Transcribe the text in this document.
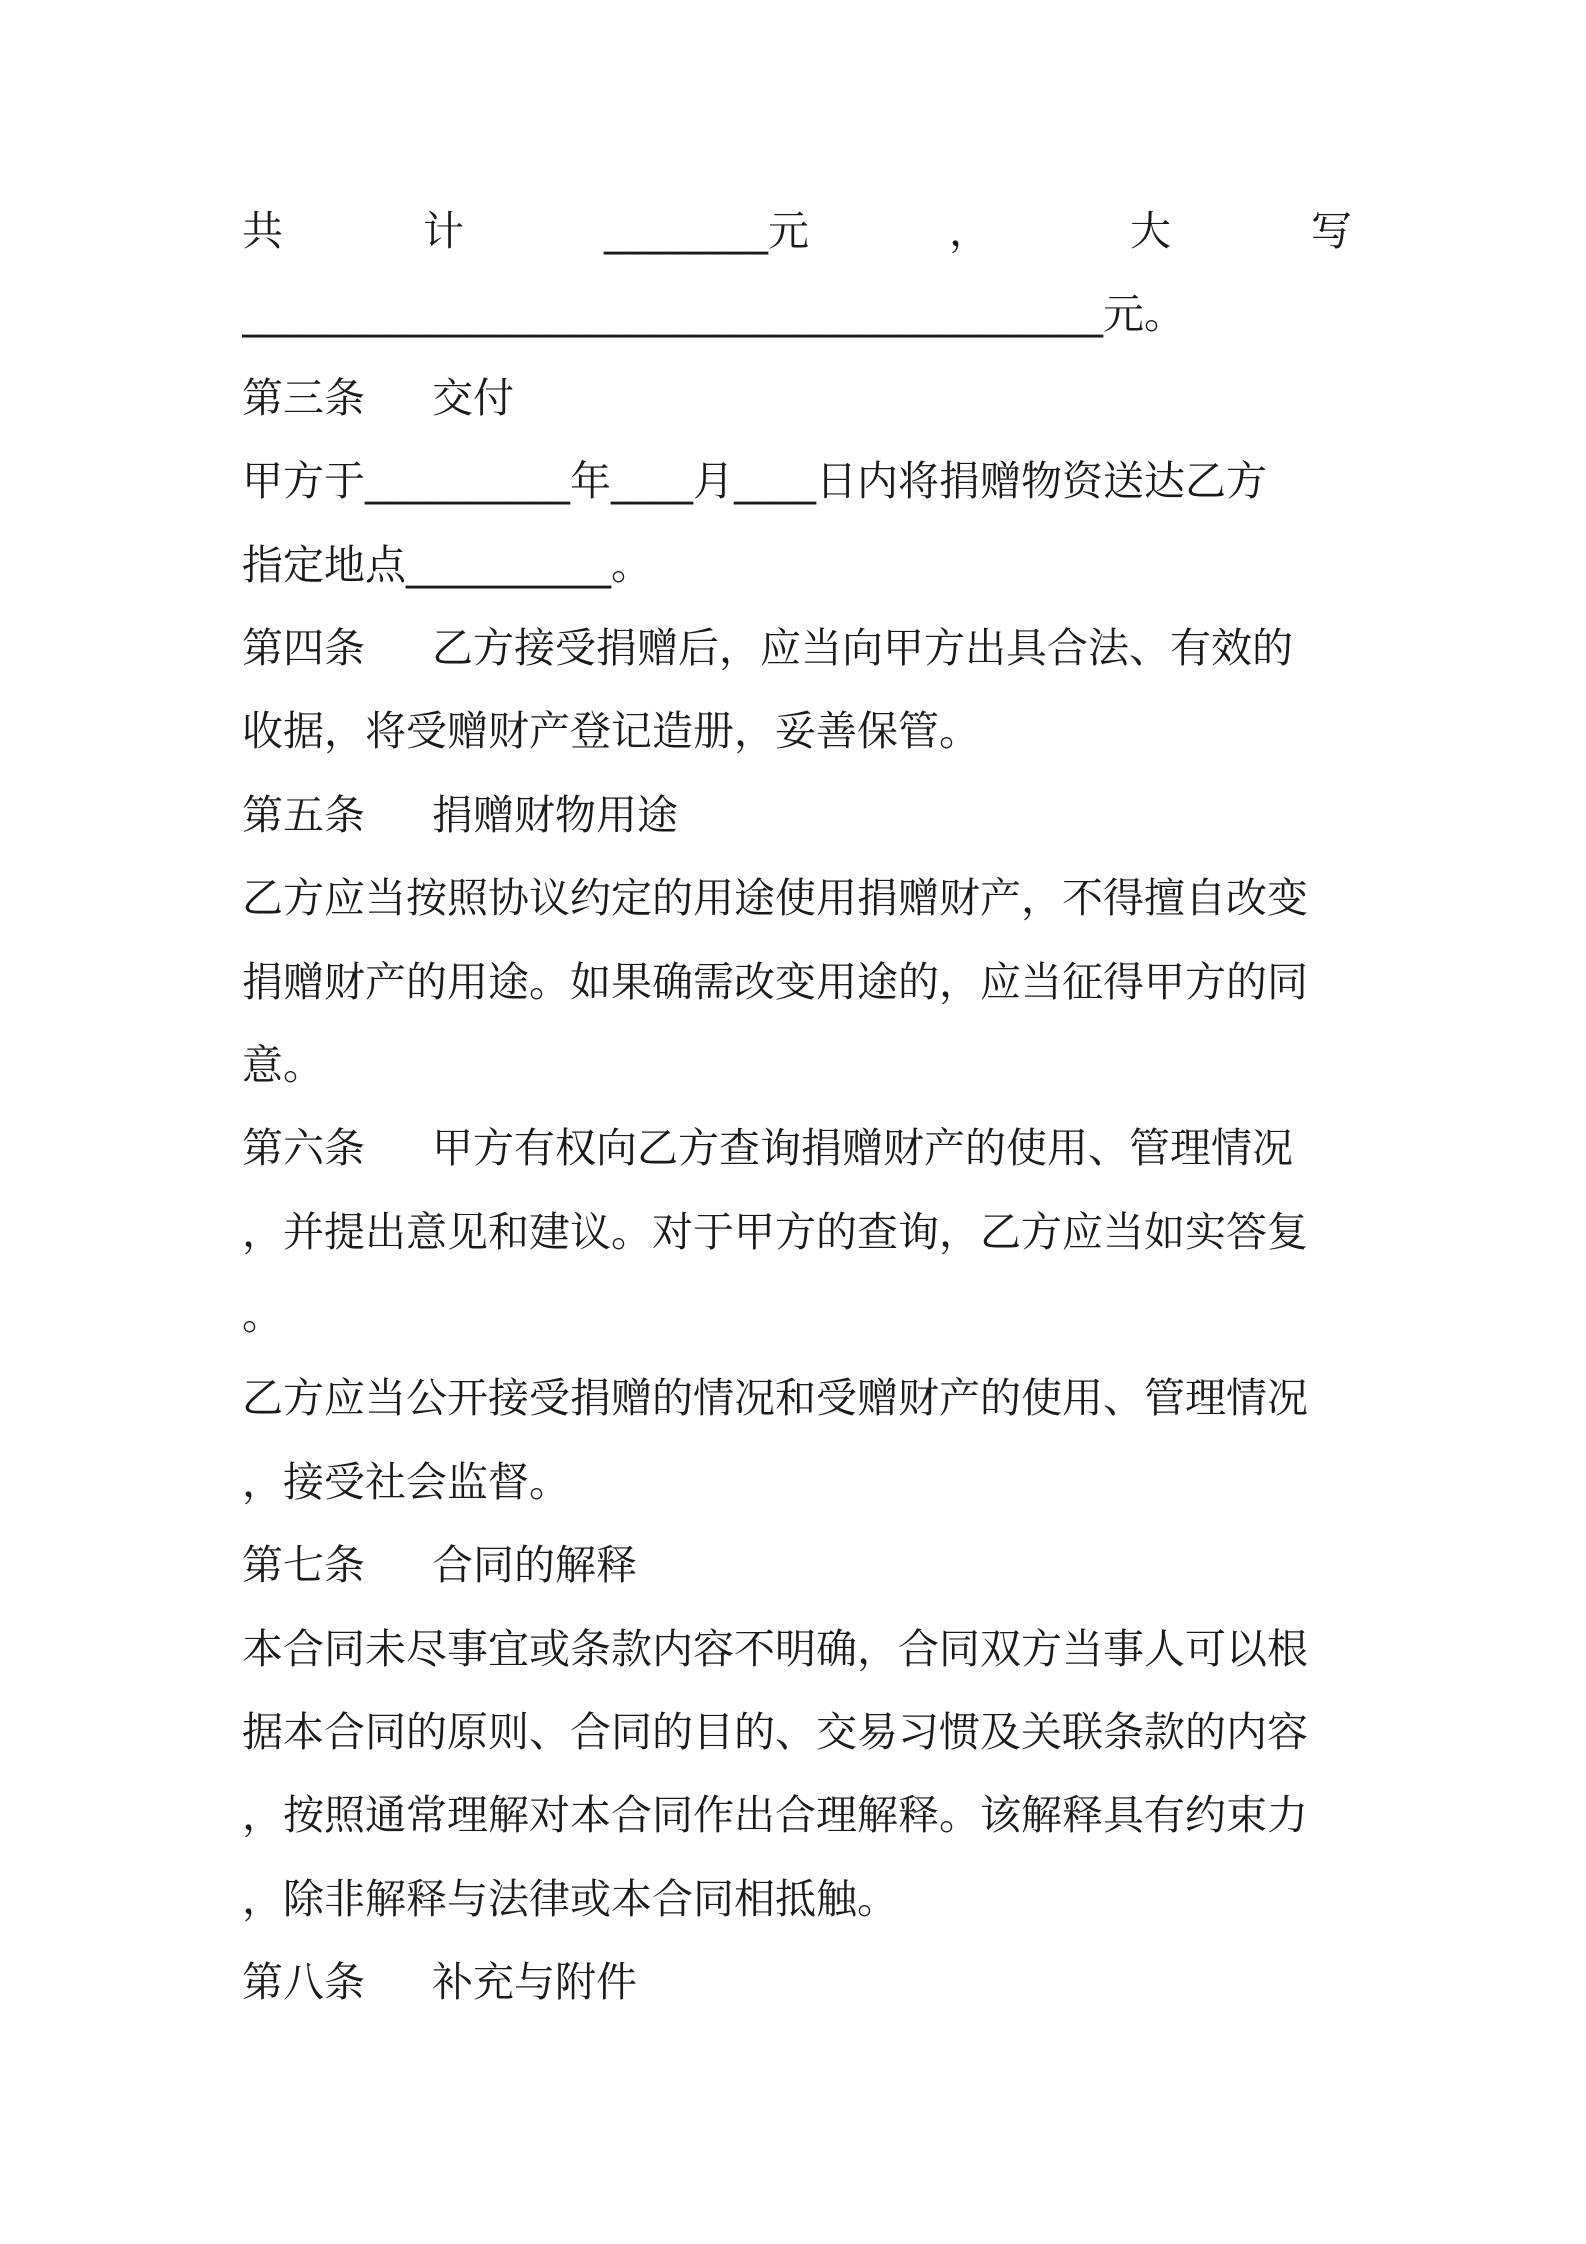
共	计	________元	，	大	写
__________________________________________元。
第三条 交付
甲方于__________年____月____日内将捐赠物资送达乙方
指定地点__________。
第四条 乙方接受捐赠后，应当向甲方出具合法、有效的
收据，将受赠财产登记造册，妥善保管。
第五条 捐赠财物用途
乙方应当按照协议约定的用途使用捐赠财产，不得擅自改变
捐赠财产的用途。如果确需改变用途的，应当征得甲方的同
意。
第六条 甲方有权向乙方查询捐赠财产的使用、管理情况
，并提出意见和建议。对于甲方的查询，乙方应当如实答复
。
乙方应当公开接受捐赠的情况和受赠财产的使用、管理情况
，接受社会监督。
第七条 合同的解释
本合同未尽事宜或条款内容不明确，合同双方当事人可以根
据本合同的原则、合同的目的、交易习惯及关联条款的内容
，按照通常理解对本合同作出合理解释。该解释具有约束力
，除非解释与法律或本合同相抵触。
第八条 补充与附件
